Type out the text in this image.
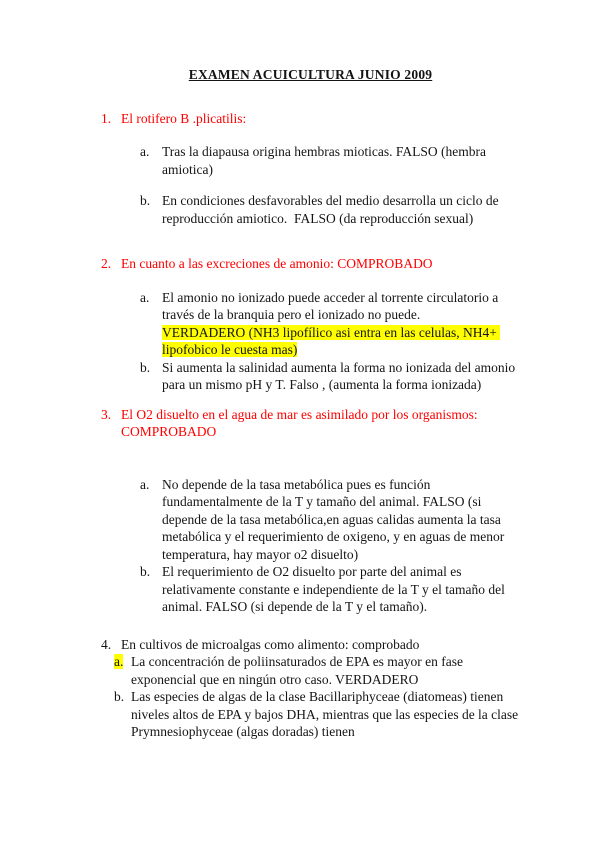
EXAMEN ACUICULTURA JUNIO 2009
1. El rotifero B .plicatilis:
a. Tras la diapausa origina hembras mioticas. FALSO (hembra amiotica)
b. En condiciones desfavorables del medio desarrolla un ciclo de reproducción amiotico.  FALSO (da reproducción sexual)
2. En cuanto a las excreciones de amonio: COMPROBADO
a. El amonio no ionizado puede acceder al torrente circulatorio a través de la branquia pero el ionizado no puede.
VERDADERO (NH3 lipofílico asi entra en las celulas, NH4+ lipofobico le cuesta mas)
b. Si aumenta la salinidad aumenta la forma no ionizada del amonio para un mismo pH y T. Falso , (aumenta la forma ionizada)
3. El O2 disuelto en el agua de mar es asimilado por los organismos: COMPROBADO
a. No depende de la tasa metabólica pues es función fundamentalmente de la T y tamaño del animal. FALSO (si depende de la tasa metabólica,en aguas calidas aumenta la tasa metabólica y el requerimiento de oxigeno, y en aguas de menor temperatura, hay mayor o2 disuelto)
b. El requerimiento de O2 disuelto por parte del animal es relativamente constante e independiente de la T y el tamaño del animal. FALSO (si depende de la T y el tamaño).
4. En cultivos de microalgas como alimento: comprobado
a. La concentración de poliinsaturados de EPA es mayor en fase exponencial que en ningún otro caso. VERDADERO
b. Las especies de algas de la clase Bacillariphyceae (diatomeas) tienen niveles altos de EPA y bajos DHA, mientras que las especies de la clase Prymnesiophyceae (algas doradas) tienen
